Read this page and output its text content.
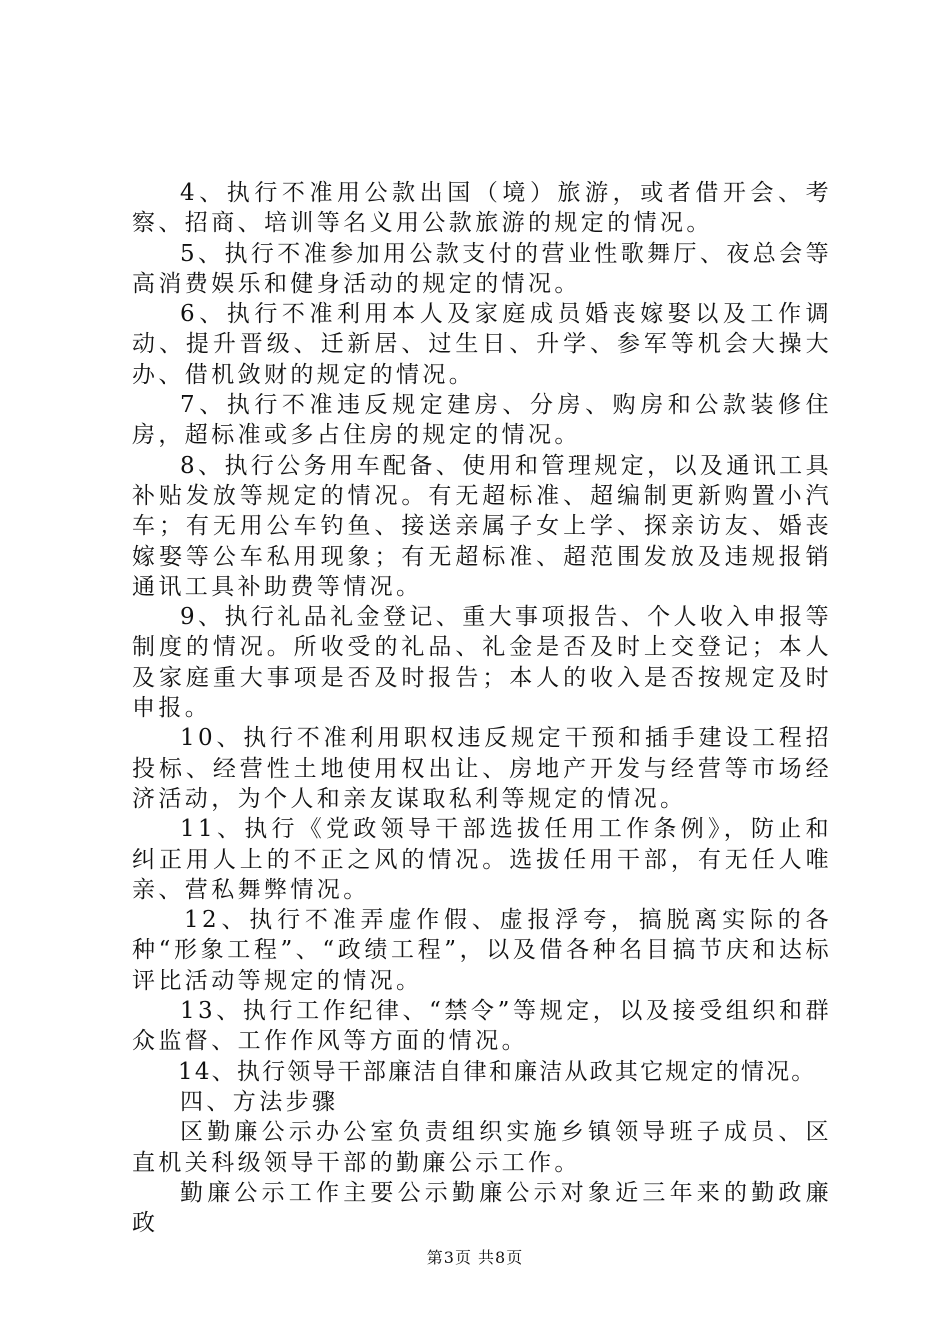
4、执行不准用公款出国（境）旅游，或者借开会、考察、招商、培训等名义用公款旅游的规定的情况。

5、执行不准参加用公款支付的营业性歌舞厅、夜总会等高消费娱乐和健身活动的规定的情况。

6、执行不准利用本人及家庭成员婚丧嫁娶以及工作调动、提升晋级、迁新居、过生日、升学、参军等机会大操大办、借机敛财的规定的情况。

7、执行不准违反规定建房、分房、购房和公款装修住房，超标准或多占住房的规定的情况。

8、执行公务用车配备、使用和管理规定，以及通讯工具补贴发放等规定的情况。有无超标准、超编制更新购置小汽车；有无用公车钓鱼、接送亲属子女上学、探亲访友、婚丧嫁娶等公车私用现象；有无超标准、超范围发放及违规报销通讯工具补助费等情况。

9、执行礼品礼金登记、重大事项报告、个人收入申报等制度的情况。所收受的礼品、礼金是否及时上交登记；本人及家庭重大事项是否及时报告；本人的收入是否按规定及时申报。

10、执行不准利用职权违反规定干预和插手建设工程招投标、经营性土地使用权出让、房地产开发与经营等市场经济活动，为个人和亲友谋取私利等规定的情况。

11、执行《党政领导干部选拔任用工作条例》，防止和纠正用人上的不正之风的情况。选拔任用干部，有无任人唯亲、营私舞弊情况。

12、执行不准弄虚作假、虚报浮夸，搞脱离实际的各种“形象工程”、“政绩工程”，以及借各种名目搞节庆和达标评比活动等规定的情况。

13、执行工作纪律、“禁令”等规定，以及接受组织和群众监督、工作作风等方面的情况。

14、执行领导干部廉洁自律和廉洁从政其它规定的情况。

四、方法步骤

区勤廉公示办公室负责组织实施乡镇领导班子成员、区直机关科级领导干部的勤廉公示工作。

勤廉公示工作主要公示勤廉公示对象近三年来的勤政廉政

第3页 共8页
